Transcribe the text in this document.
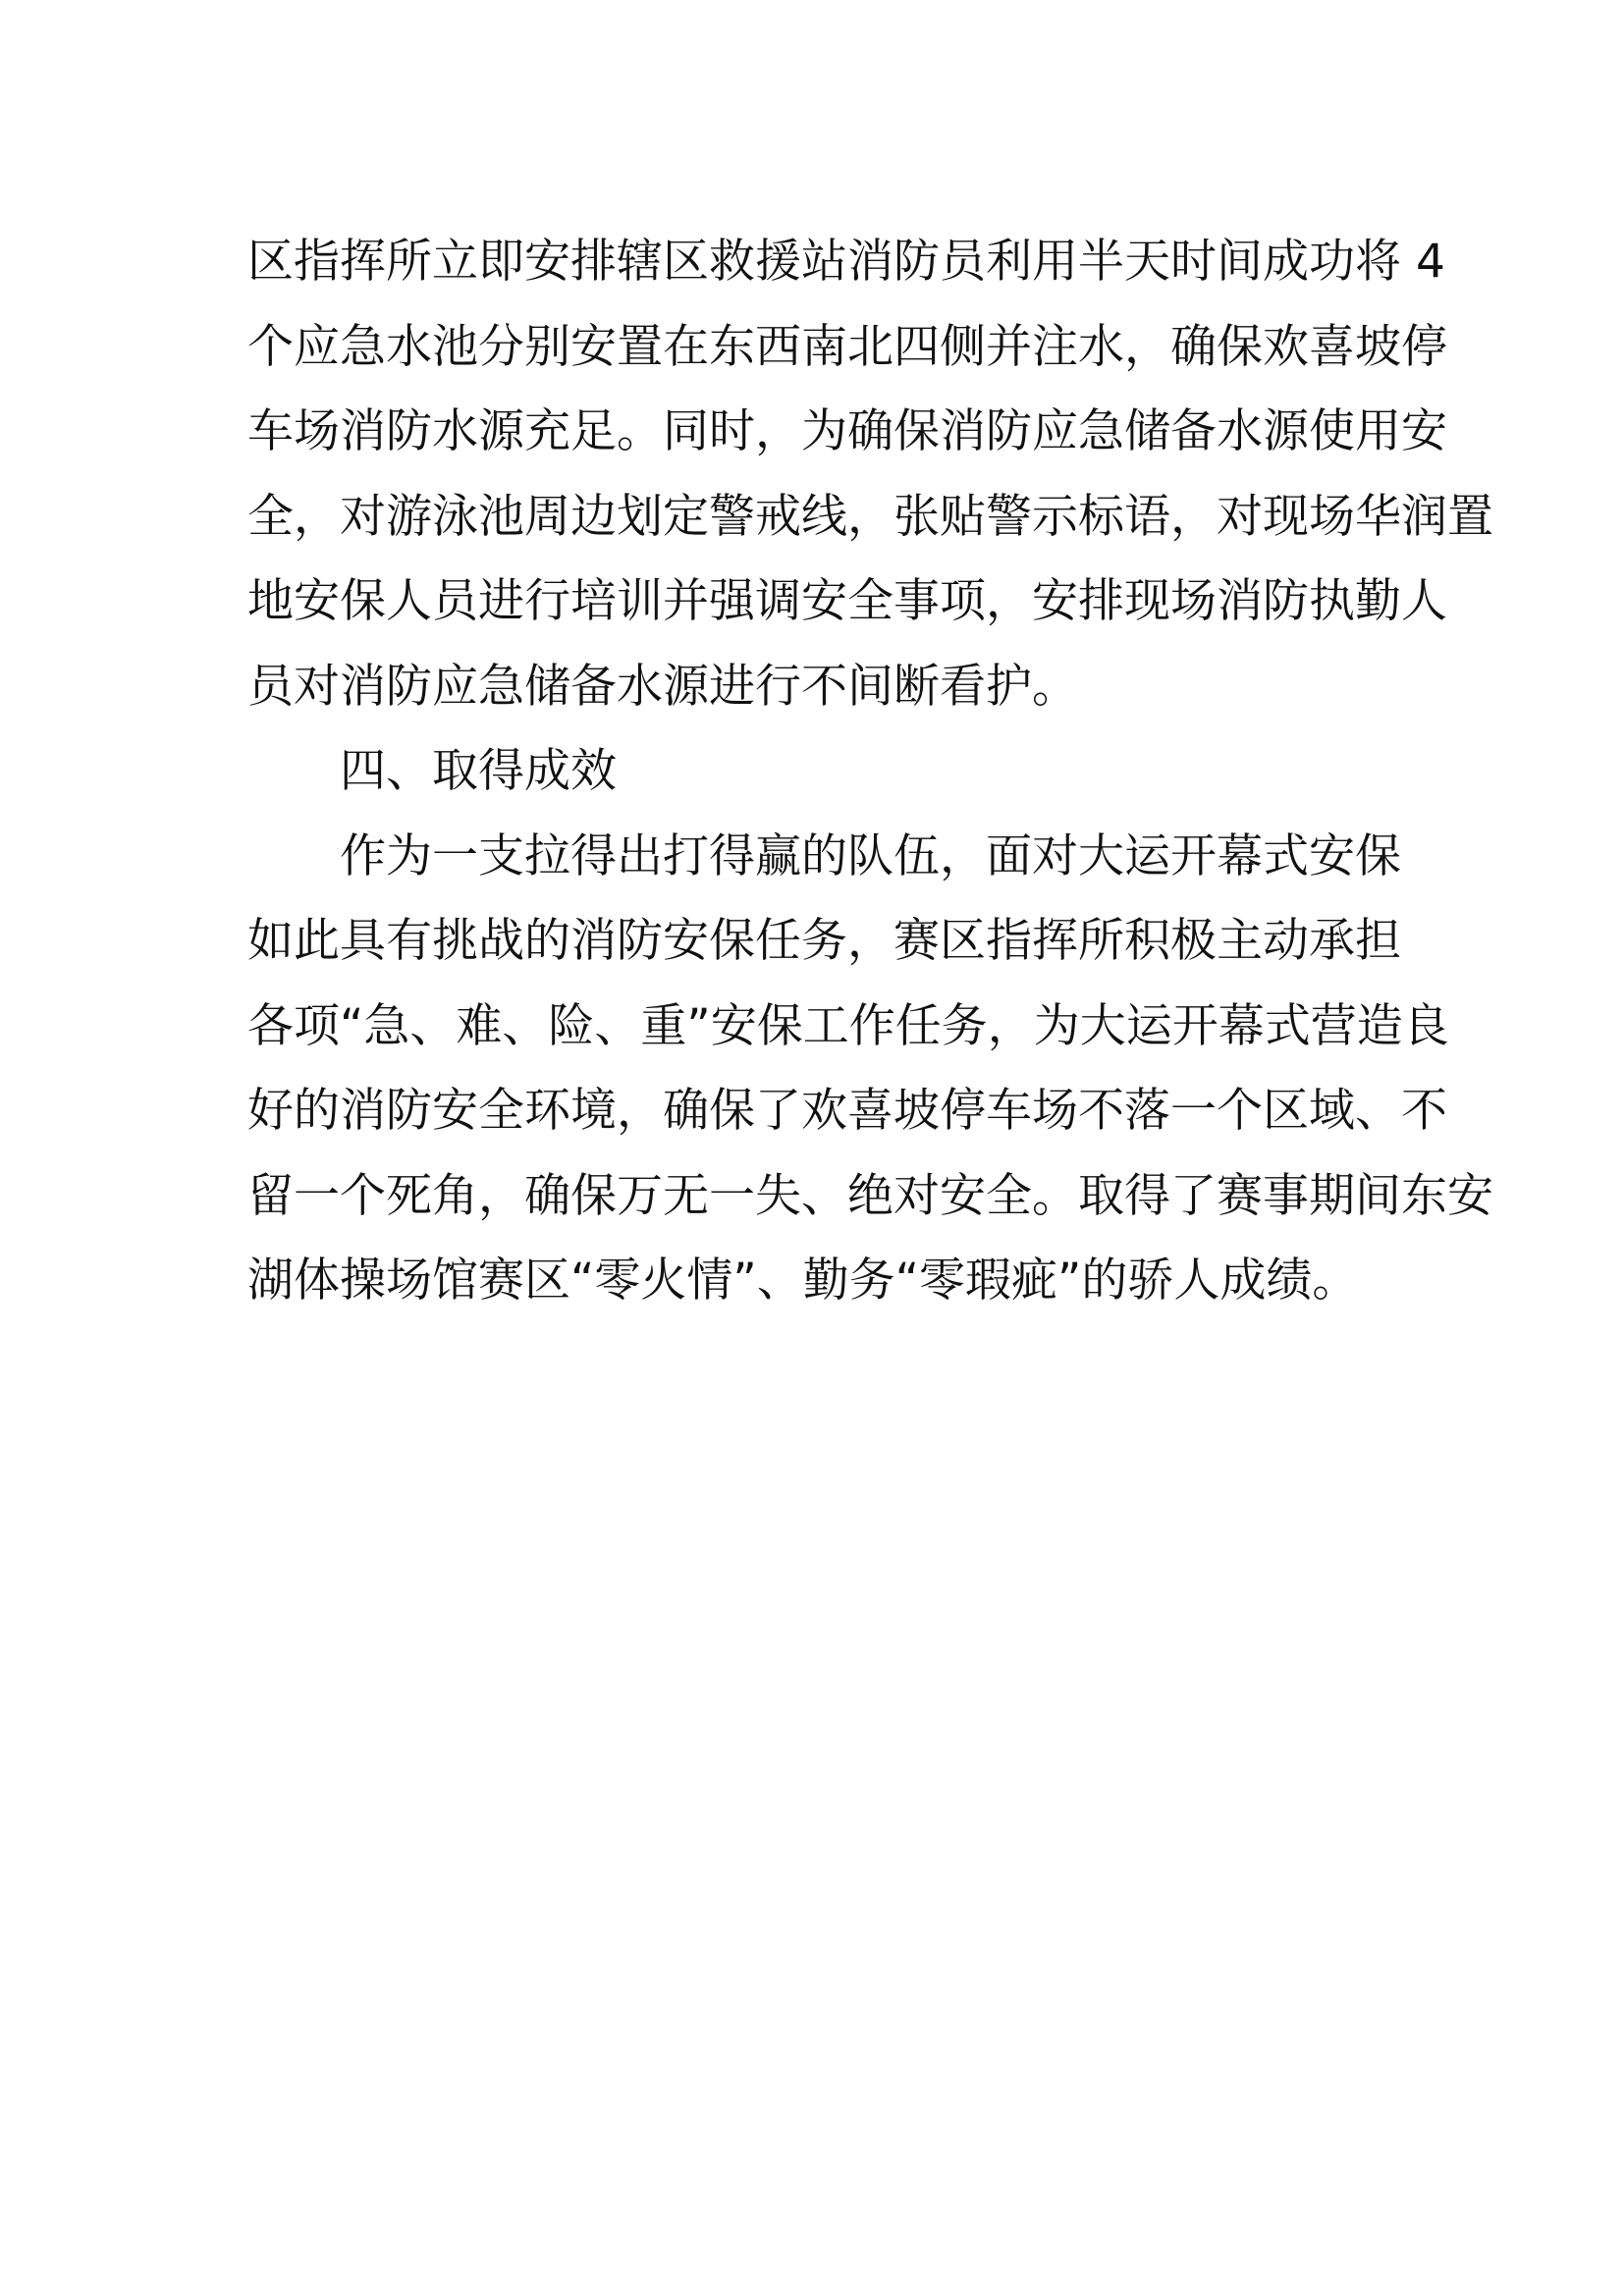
区指挥所立即安排辖区救援站消防员利用半天时间成功将 4
个应急水池分别安置在东西南北四侧并注水，确保欢喜坡停
车场消防水源充足。同时，为确保消防应急储备水源使用安
全，对游泳池周边划定警戒线，张贴警示标语，对现场华润置
地安保人员进行培训并强调安全事项，安排现场消防执勤人
员对消防应急储备水源进行不间断看护。
四、取得成效
作为一支拉得出打得赢的队伍，面对大运开幕式安保
如此具有挑战的消防安保任务，赛区指挥所积极主动承担
各项“急、难、险、重”安保工作任务，为大运开幕式营造良
好的消防安全环境，确保了欢喜坡停车场不落一个区域、不
留一个死角，确保万无一失、绝对安全。取得了赛事期间东安
湖体操场馆赛区“零火情”、勤务“零瑕疵”的骄人成绩。
